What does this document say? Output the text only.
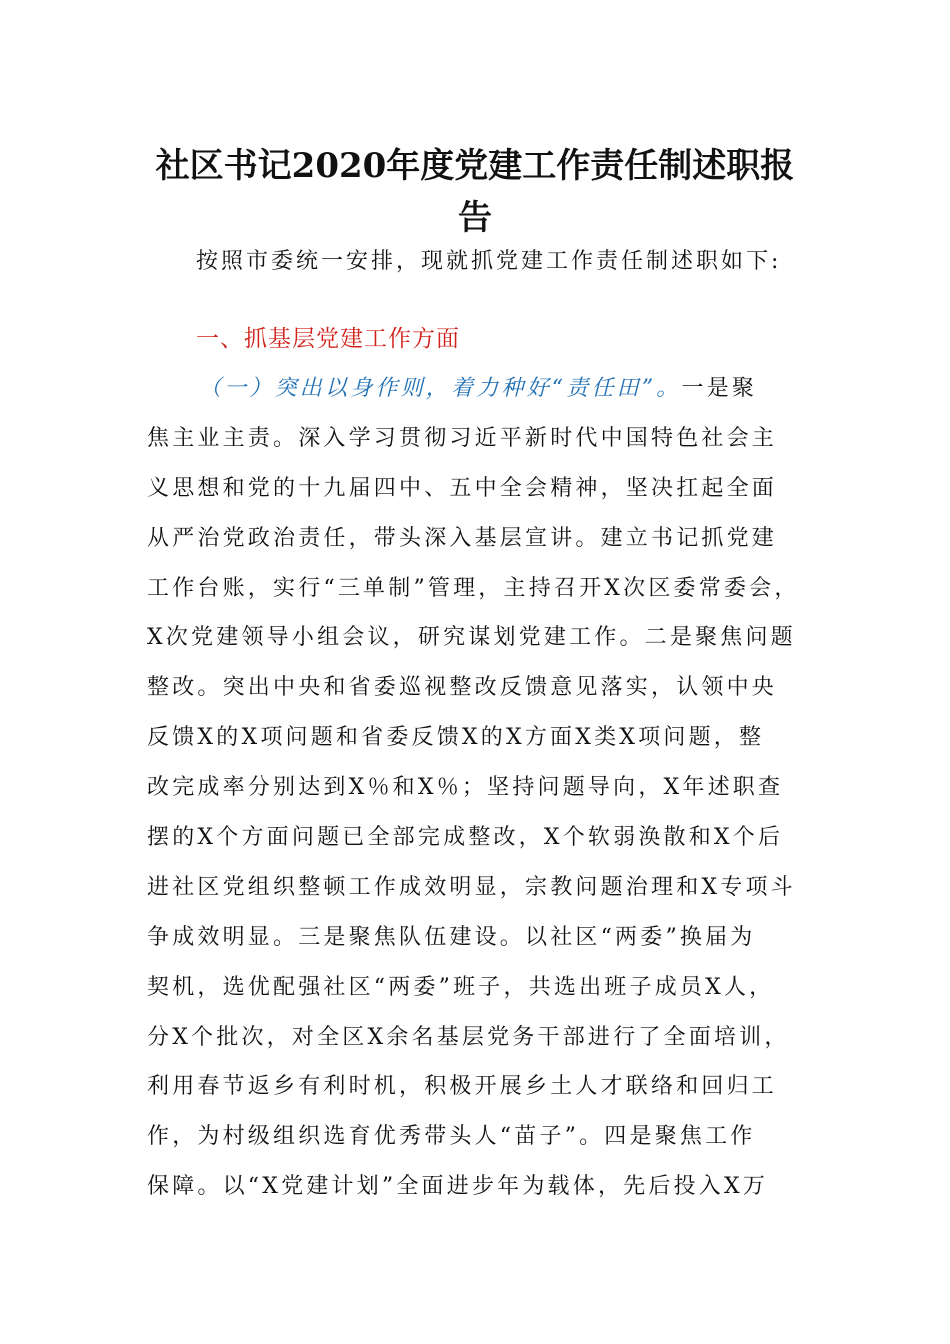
社区书记2020年度党建工作责任制述职报
告
按照市委统一安排，现就抓党建工作责任制述职如下:
一、抓基层党建工作方面
（一）突出以身作则，着力种好“责任田”。一是聚
焦主业主责。深入学习贯彻习近平新时代中国特色社会主
义思想和党的十九届四中、五中全会精神，坚决扛起全面
从严治党政治责任，带头深入基层宣讲。建立书记抓党建
工作台账，实行“三单制”管理，主持召开X次区委常委会，
X次党建领导小组会议，研究谋划党建工作。二是聚焦问题
整改。突出中央和省委巡视整改反馈意见落实，认领中央
反馈X的X项问题和省委反馈X的X方面X类X项问题，整
改完成率分别达到X％和X％；坚持问题导向，X年述职查
摆的X个方面问题已全部完成整改，X个软弱涣散和X个后
进社区党组织整顿工作成效明显，宗教问题治理和X专项斗
争成效明显。三是聚焦队伍建设。以社区“两委”换届为
契机，选优配强社区“两委”班子，共选出班子成员X人，
分X个批次，对全区X余名基层党务干部进行了全面培训，
利用春节返乡有利时机，积极开展乡土人才联络和回归工
作，为村级组织选育优秀带头人“苗子”。四是聚焦工作
保障。以“X党建计划”全面进步年为载体，先后投入X万
